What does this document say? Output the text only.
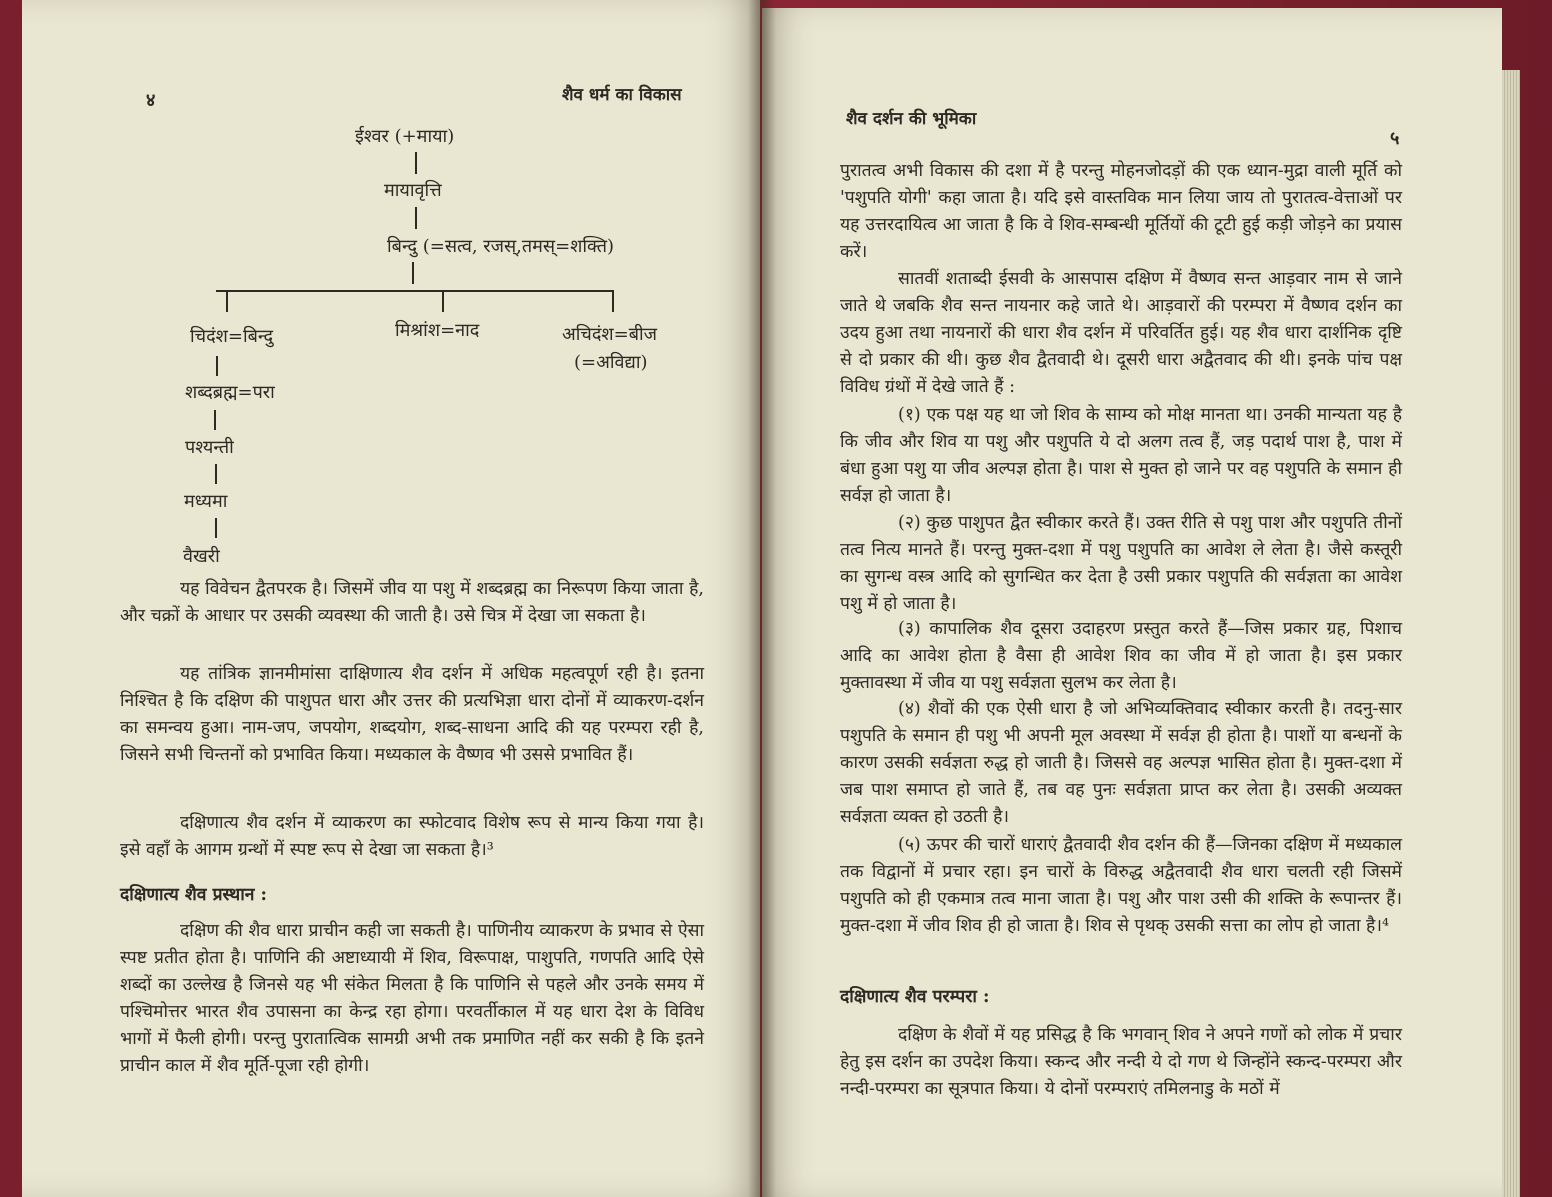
४	शैव धर्म का विकास
ईश्वर (+माया)
मायावृत्ति
बिन्दु (=सत्व, रजस्,तमस्=शक्ति)
चिदंश=बिन्दु	मिश्रांश=नाद	अचिदंश=बीज
(=अविद्या)
शब्दब्रह्म=परा
पश्यन्ती
मध्यमा
वैखरी
यह विवेचन द्वैतपरक है। जिसमें जीव या पशु में शब्दब्रह्म का निरूपण किया जाता है, और चक्रों के आधार पर उसकी व्यवस्था की जाती है। उसे चित्र में देखा जा सकता है।
यह तांत्रिक ज्ञानमीमांसा दाक्षिणात्य शैव दर्शन में अधिक महत्वपूर्ण रही है। इतना निश्चित है कि दक्षिण की पाशुपत धारा और उत्तर की प्रत्यभिज्ञा धारा दोनों में व्याकरण-दर्शन का समन्वय हुआ। नाम-जप, जपयोग, शब्दयोग, शब्द-साधना आदि की यह परम्परा रही है, जिसने सभी चिन्तनों को प्रभावित किया। मध्यकाल के वैष्णव भी उससे प्रभावित हैं।
दक्षिणात्य शैव दर्शन में व्याकरण का स्फोटवाद विशेष रूप से मान्य किया गया है। इसे वहाँ के आगम ग्रन्थों में स्पष्ट रूप से देखा जा सकता है।³
दक्षिणात्य शैव प्रस्थान :
दक्षिण की शैव धारा प्राचीन कही जा सकती है। पाणिनीय व्याकरण के प्रभाव से ऐसा स्पष्ट प्रतीत होता है। पाणिनि की अष्टाध्यायी में शिव, विरूपाक्ष, पाशुपति, गणपति आदि ऐसे शब्दों का उल्लेख है जिनसे यह भी संकेत मिलता है कि पाणिनि से पहले और उनके समय में पश्चिमोत्तर भारत शैव उपासना का केन्द्र रहा होगा। परवर्तीकाल में यह धारा देश के विविध भागों में फैली होगी। परन्तु पुरातात्विक सामग्री अभी तक प्रमाणित नहीं कर सकी है कि इतने प्राचीन काल में शैव मूर्ति-पूजा रही होगी।
शैव दर्शन की भूमिका
५
पुरातत्व अभी विकास की दशा में है परन्तु मोहनजोदड़ों की एक ध्यान-मुद्रा वाली मूर्ति को 'पशुपति योगी' कहा जाता है। यदि इसे वास्तविक मान लिया जाय तो पुरातत्व-वेत्ताओं पर यह उत्तरदायित्व आ जाता है कि वे शिव-सम्बन्धी मूर्तियों की टूटी हुई कड़ी जोड़ने का प्रयास करें।
सातवीं शताब्दी ईसवी के आसपास दक्षिण में वैष्णव सन्त आड़वार नाम से जाने जाते थे जबकि शैव सन्त नायनार कहे जाते थे। आड़वारों की परम्परा में वैष्णव दर्शन का उदय हुआ तथा नायनारों की धारा शैव दर्शन में परिवर्तित हुई। यह शैव धारा दार्शनिक दृष्टि से दो प्रकार की थी। कुछ शैव द्वैतवादी थे। दूसरी धारा अद्वैतवाद की थी। इनके पांच पक्ष विविध ग्रंथों में देखे जाते हैं :
(१) एक पक्ष यह था जो शिव के साम्य को मोक्ष मानता था। उनकी मान्यता यह है कि जीव और शिव या पशु और पशुपति ये दो अलग तत्व हैं, जड़ पदार्थ पाश है, पाश में बंधा हुआ पशु या जीव अल्पज्ञ होता है। पाश से मुक्त हो जाने पर वह पशुपति के समान ही सर्वज्ञ हो जाता है।
(२) कुछ पाशुपत द्वैत स्वीकार करते हैं। उक्त रीति से पशु पाश और पशुपति तीनों तत्व नित्य मानते हैं। परन्तु मुक्त-दशा में पशु पशुपति का आवेश ले लेता है। जैसे कस्तूरी का सुगन्ध वस्त्र आदि को सुगन्धित कर देता है उसी प्रकार पशुपति की सर्वज्ञता का आवेश पशु में हो जाता है।
(३) कापालिक शैव दूसरा उदाहरण प्रस्तुत करते हैं—जिस प्रकार ग्रह, पिशाच आदि का आवेश होता है वैसा ही आवेश शिव का जीव में हो जाता है। इस प्रकार मुक्तावस्था में जीव या पशु सर्वज्ञता सुलभ कर लेता है।
(४) शैवों की एक ऐसी धारा है जो अभिव्यक्तिवाद स्वीकार करती है। तदनु-सार पशुपति के समान ही पशु भी अपनी मूल अवस्था में सर्वज्ञ ही होता है। पाशों या बन्धनों के कारण उसकी सर्वज्ञता रुद्ध हो जाती है। जिससे वह अल्पज्ञ भासित होता है। मुक्त-दशा में जब पाश समाप्त हो जाते हैं, तब वह पुनः सर्वज्ञता प्राप्त कर लेता है। उसकी अव्यक्त सर्वज्ञता व्यक्त हो उठती है।
(५) ऊपर की चारों धाराएं द्वैतवादी शैव दर्शन की हैं—जिनका दक्षिण में मध्यकाल तक विद्वानों में प्रचार रहा। इन चारों के विरुद्ध अद्वैतवादी शैव धारा चलती रही जिसमें पशुपति को ही एकमात्र तत्व माना जाता है। पशु और पाश उसी की शक्ति के रूपान्तर हैं। मुक्त-दशा में जीव शिव ही हो जाता है। शिव से पृथक् उसकी सत्ता का लोप हो जाता है।⁴
दक्षिणात्य शैव परम्परा :
दक्षिण के शैवों में यह प्रसिद्ध है कि भगवान् शिव ने अपने गणों को लोक में प्रचार हेतु इस दर्शन का उपदेश किया। स्कन्द और नन्दी ये दो गण थे जिन्होंने स्कन्द-परम्परा और नन्दी-परम्परा का सूत्रपात किया। ये दोनों परम्पराएं तमिलनाडु के मठों में
